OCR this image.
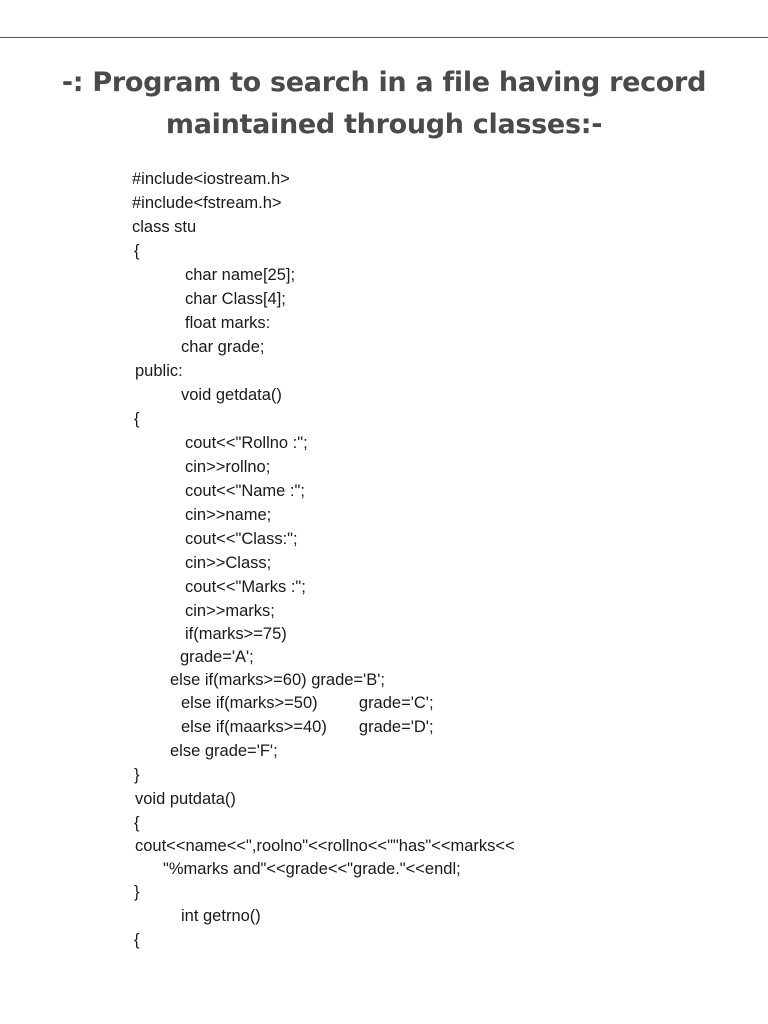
-: Program to search in a file having record
maintained through classes:-
#include<iostream.h>
#include<fstream.h>
class stu
{
char name[25];
char Class[4];
float marks:
char grade;
public:
void getdata()
{
cout<<"Rollno :";
cin>>rollno;
cout<<"Name :";
cin>>name;
cout<<"Class:";
cin>>Class;
cout<<"Marks :";
cin>>marks;
if(marks>=75)
grade='A';
else if(marks>=60) grade='B';
else if(marks>=50)         grade='C';
else if(maarks>=40)       grade='D';
else grade='F';
}
void putdata()
{
cout<<name<<",roolno"<<rollno<<""has"<<marks<<
"%marks and"<<grade<<"grade."<<endl;
}
int getrno()
{
